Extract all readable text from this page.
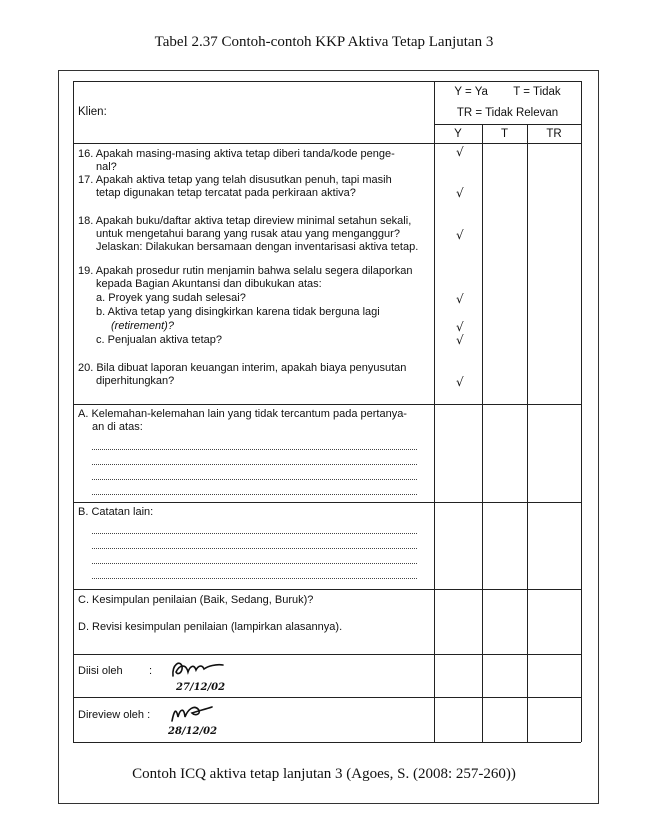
Tabel 2.37 Contoh-contoh KKP Aktiva Tetap Lanjutan 3
Klien:
Y = Ya        T = Tidak
TR = Tidak Relevan
Y	T	TR
16. Apakah masing-masing aktiva tetap diberi tanda/kode penge-
nal?
17. Apakah aktiva tetap yang telah disusutkan penuh, tapi masih
tetap digunakan tetap tercatat pada perkiraan aktiva?
18. Apakah buku/daftar aktiva tetap direview minimal setahun sekali,
untuk mengetahui barang yang rusak atau yang menganggur?
Jelaskan: Dilakukan bersamaan dengan inventarisasi aktiva tetap.
19. Apakah prosedur rutin menjamin bahwa selalu segera dilaporkan
kepada Bagian Akuntansi dan dibukukan atas:
a. Proyek yang sudah selesai?
b. Aktiva tetap yang disingkirkan karena tidak berguna lagi
(retirement)?
c. Penjualan aktiva tetap?
20. Bila dibuat laporan keuangan interim, apakah biaya penyusutan
diperhitungkan?
√
√
√
√
√
√
√
A. Kelemahan-kelemahan lain yang tidak tercantum pada pertanya-
an di atas:
B. Catatan lain:
C. Kesimpulan penilaian (Baik, Sedang, Buruk)?
D. Revisi kesimpulan penilaian (lampirkan alasannya).
Diisi oleh :
27/12/02
Direview oleh :
28/12/02
Contoh ICQ aktiva tetap lanjutan 3 (Agoes, S. (2008: 257-260))
